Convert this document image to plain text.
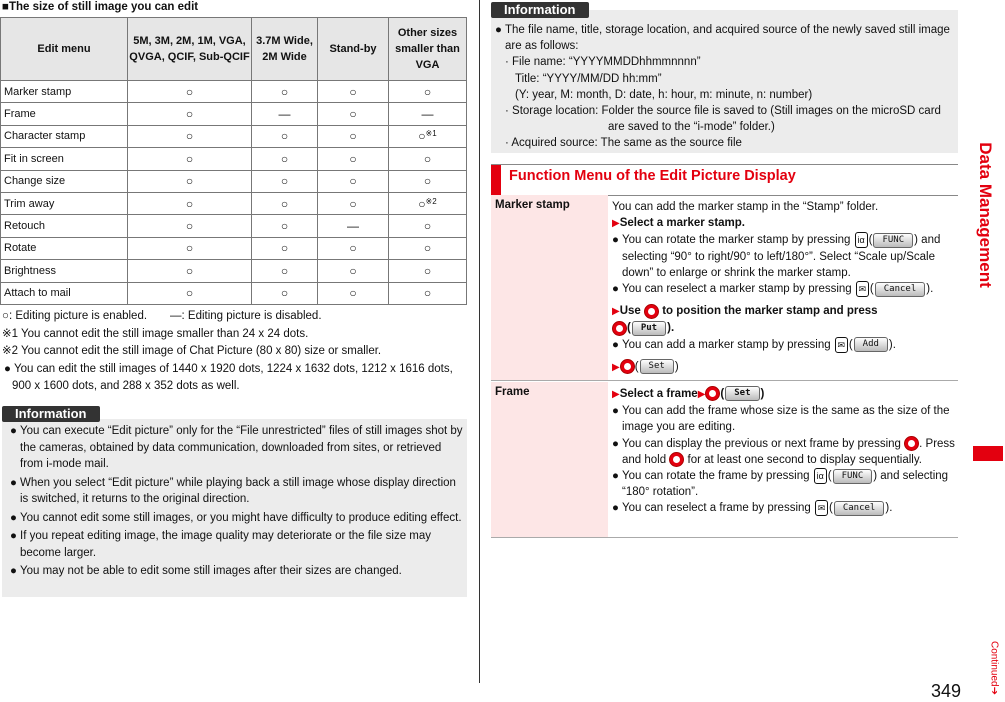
■The size of still image you can edit
Edit menu	5M, 3M, 2M, 1M, VGA, QVGA, QCIF, Sub-QCIF	3.7M Wide, 2M Wide	Stand-by	Other sizes smaller than VGA
Marker stamp	○	○	○	○
Frame	○	—	○	—
Character stamp	○	○	○	○$^{※1}$
Fit in screen	○	○	○	○
Change size	○	○	○	○
Trim away	○	○	○	○$^{※2}$
Retouch	○	○	—	○
Rotate	○	○	○	○
Brightness	○	○	○	○
Attach to mail	○	○	○	○
○: Editing picture is enabled.　　—: Editing picture is disabled.
※1 You cannot edit the still image smaller than 24 x 24 dots.
※2 You cannot edit the still image of Chat Picture (80 x 80) size or smaller.
● You can edit the still images of 1440 x 1920 dots, 1224 x 1632 dots, 1212 x 1616 dots, 900 x 1600 dots, and 288 x 352 dots as well.
● You can execute “Edit picture” only for the “File unrestricted” files of still images shot by the cameras, obtained by data communication, downloaded from sites, or retrieved from i-mode mail.
● When you select “Edit picture” while playing back a still image whose display direction is switched, it returns to the original direction.
● You cannot edit some still images, or you might have difficulty to produce editing effect.
● If you repeat editing image, the image quality may deteriorate or the file size may become larger.
● You may not be able to edit some still images after their sizes are changed.
Information
● The file name, title, storage location, and acquired source of the newly saved still image are as follows:
· File name: “YYYYMMDDhhmmnnnn”
Title: “YYYY/MM/DD hh:mm”
(Y: year, M: month, D: date, h: hour, m: minute, n: number)
· Storage location: Folder the source file is saved to (Still images on the microSD card
are saved to the “i-mode” folder.)
· Acquired source: The same as the source file
Information
Function Menu of the Edit Picture Display
Marker stamp	You can add the marker stamp in the “Stamp” folder.

▶Select a marker stamp.

● You can rotate the marker stamp by pressing iα ( FUNC ) and selecting “90° to right/90° to left/180°”. Select “Scale up/Scale down” to enlarge or shrink the marker stamp.

● You can reselect a marker stamp by pressing ✉ ( Cancel ).

▶Use to position the marker stamp and press

( Put ).

● You can add a marker stamp by pressing ✉ ( Add ).

▶ ( Set )

Frame	▶Select a frame▶ ( Set )

● You can add the frame whose size is the same as the size of the image you are editing.

● You can display the previous or next frame by pressing . Press and hold for at least one second to display sequentially.

● You can rotate the frame by pressing iα ( FUNC ) and selecting “180° rotation”.

● You can reselect a frame by pressing ✉ ( Cancel ).

Data Management
Continued➔
349
